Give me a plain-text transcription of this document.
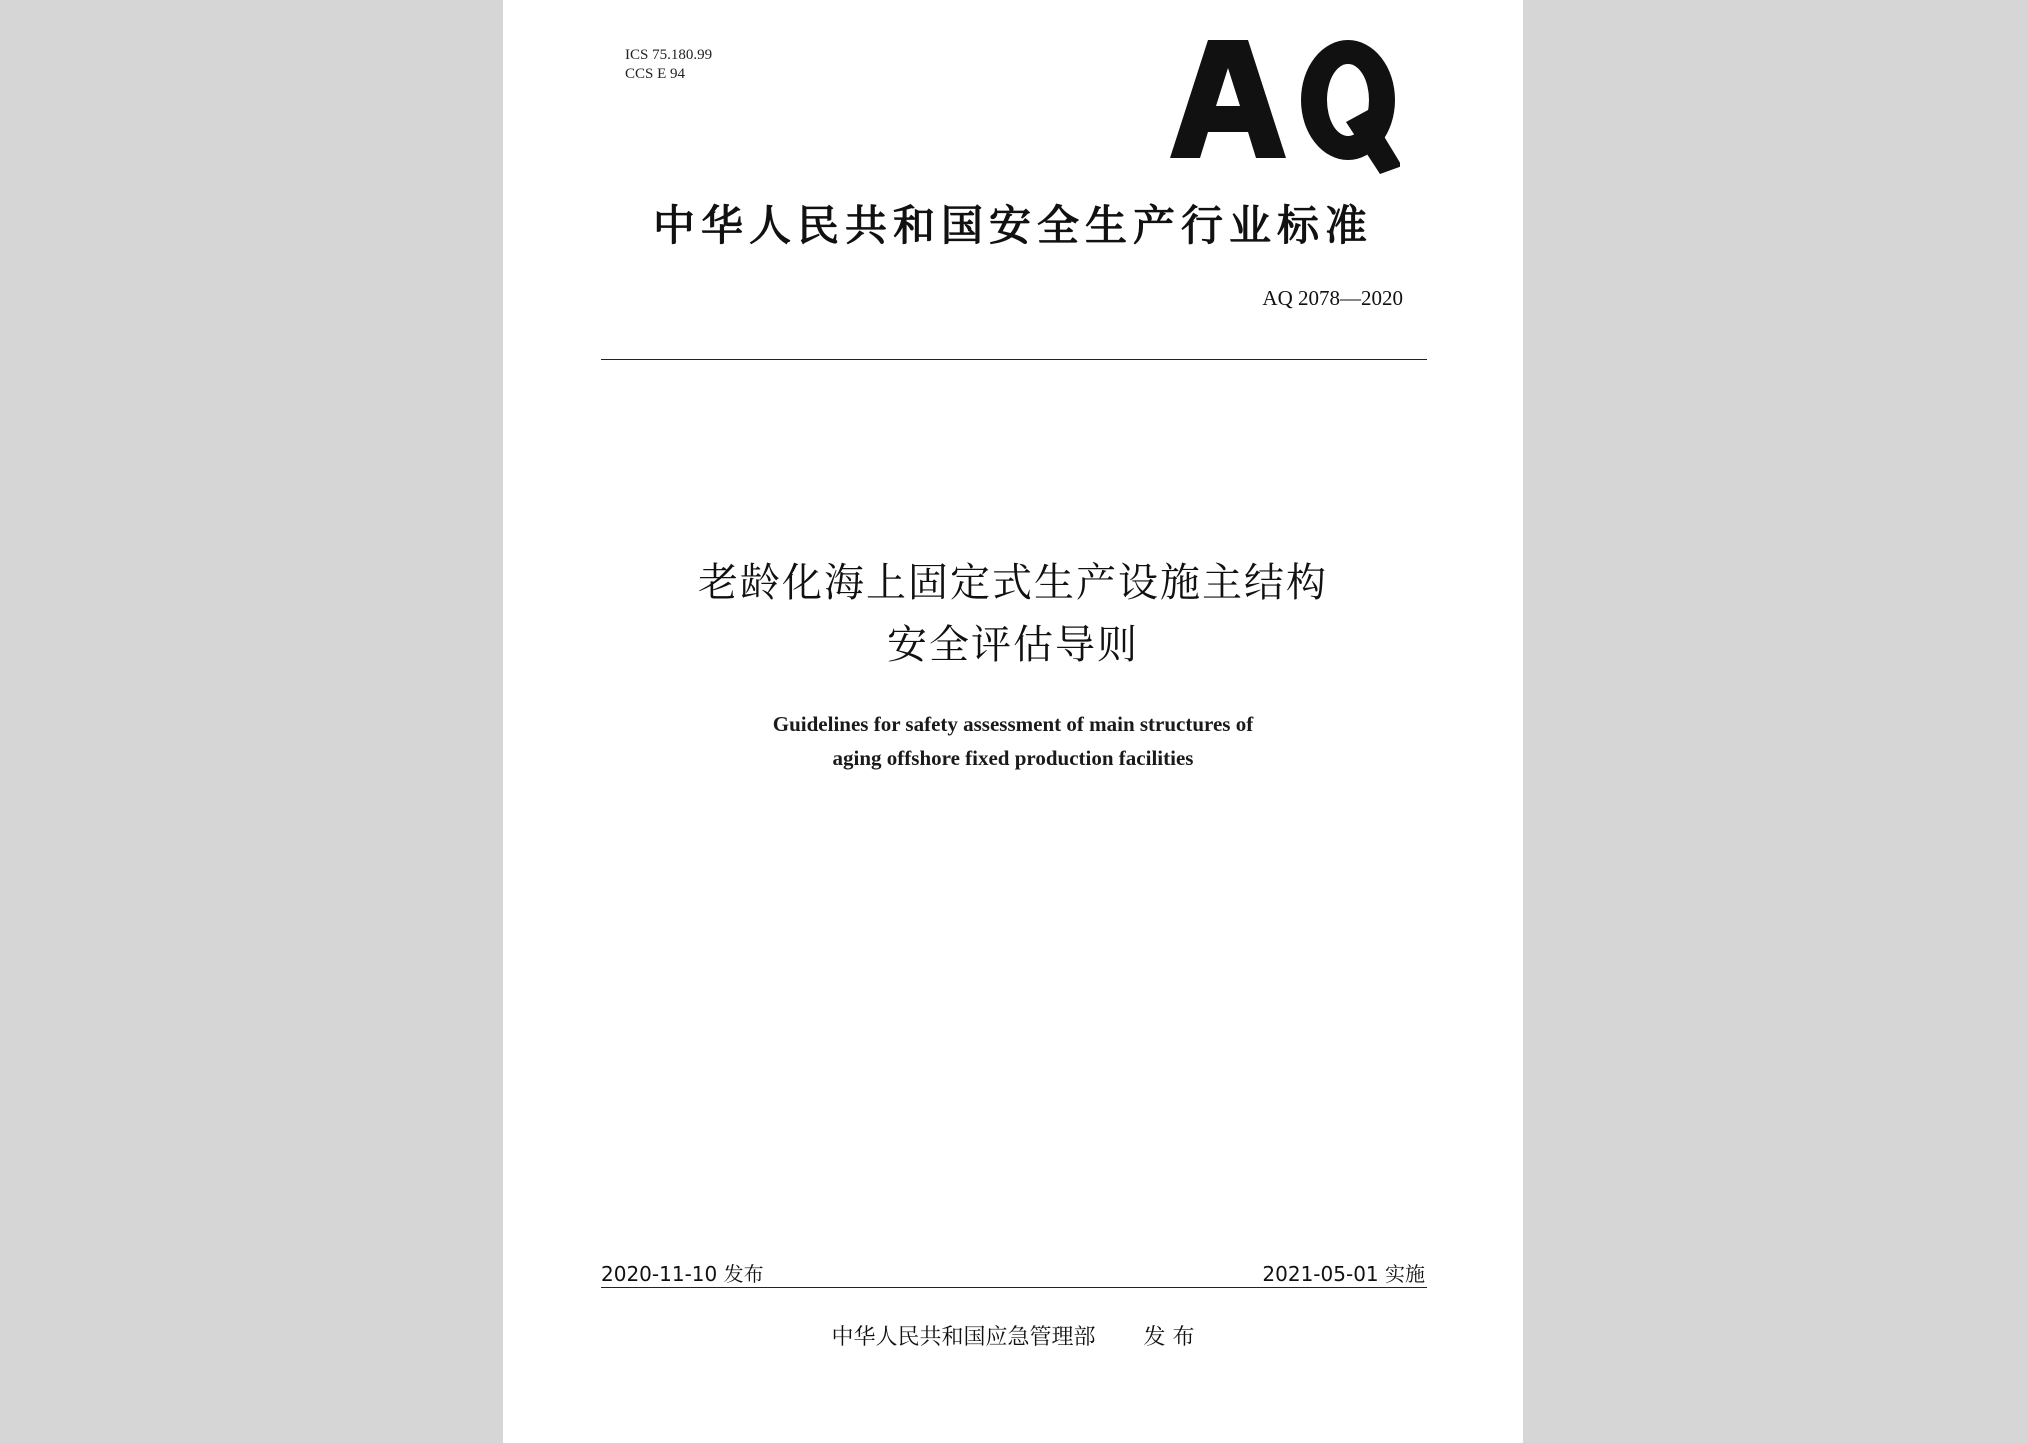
ICS 75.180.99
CCS E 94
中华人民共和国安全生产行业标准
AQ 2078—2020
老龄化海上固定式生产设施主结构
安全评估导则
Guidelines for safety assessment of main structures of
aging offshore fixed production facilities
2020-11-10 发布	2021-05-01 实施
中华人民共和国应急管理部 发 布
